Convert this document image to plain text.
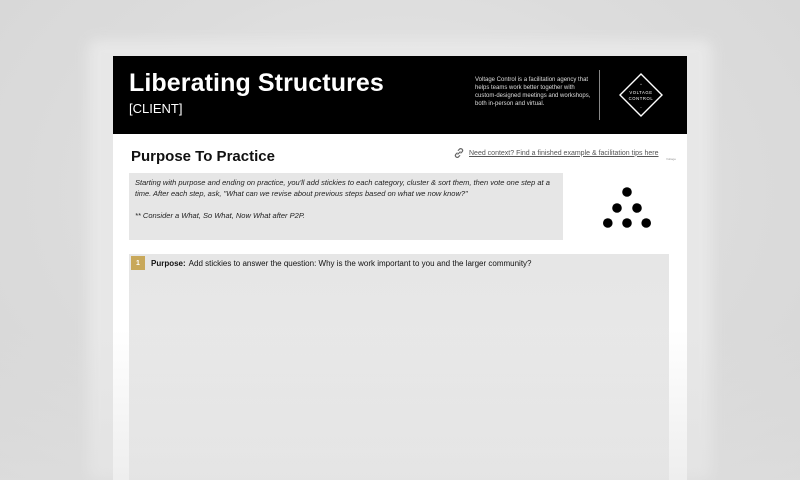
Liberating Structures
[CLIENT]
Voltage Control is a facilitation agency that helps teams work better together with custom-designed meetings and workshops, both in-person and virtual.
+
VOLTAGE
CONTROL
–
Purpose To Practice	Need context? Find a finished example & facilitation tips here
Voltage

Starting with purpose and ending on practice, you'll add stickies to each category, cluster & sort them, then vote one step at a time. After each step, ask, "What can we revise about previous steps based on what we now know?"

** Consider a What, So What, Now What after P2P.

1	Purpose: Add stickies to answer the question: Why is the work important to you and the larger community?
